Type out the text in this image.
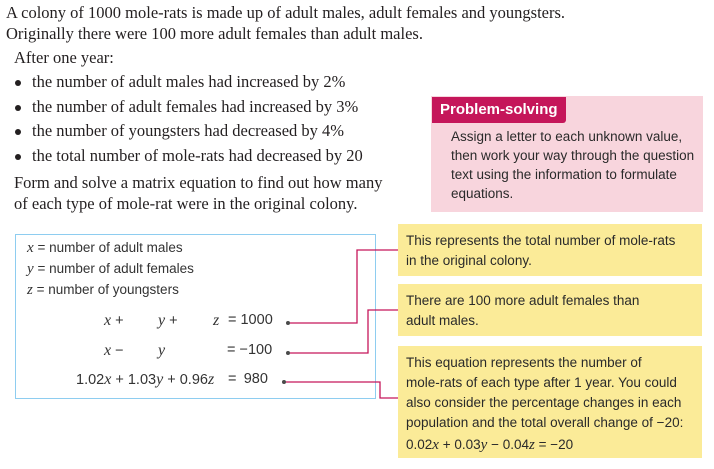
A colony of 1000 mole-rats is made up of adult males, adult females and youngsters.
Originally there were 100 more adult females than adult males.
After one year:
the number of adult males had increased by 2%
the number of adult females had increased by 3%
the number of youngsters had decreased by 4%
the total number of mole-rats had decreased by 20
Form and solve a matrix equation to find out how many
of each type of mole-rat were in the original colony.
Problem-solving
Assign a letter to each unknown value,
then work your way through the question
text using the information to formulate
equations.
x = number of adult males
y = number of adult females
z = number of youngsters
x + y + z = 1000
x − y	= −100
1.02x + 1.03y + 0.96z = 980
This represents the total number of mole-rats
in the original colony.
There are 100 more adult females than
adult males.
This equation represents the number of
mole-rats of each type after 1 year. You could
also consider the percentage changes in each
population and the total overall change of −20:
0.02x + 0.03y − 0.04z = −20
